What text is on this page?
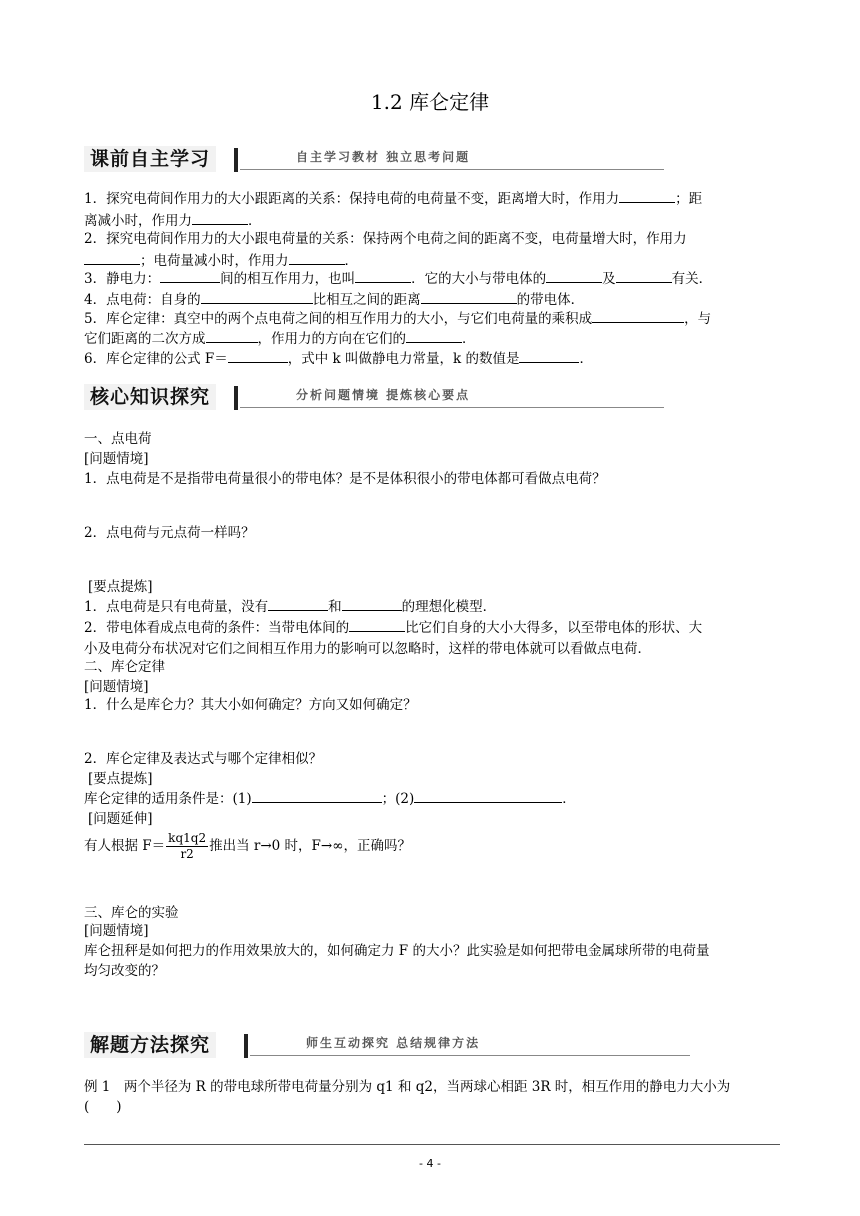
1.2 库仑定律
课前自主学习	自主学习教材 独立思考问题
1．探究电荷间作用力的大小跟距离的关系：保持电荷的电荷量不变，距离增大时，作用力	；距
离减小时，作用力	．
2．探究电荷间作用力的大小跟电荷量的关系：保持两个电荷之间的距离不变，电荷量增大时，作用力
；电荷量减小时，作用力	．
3．静电力：	间的相互作用力，也叫	．它的大小与带电体的	及	有关．
4．点电荷：自身的	比相互之间的距离	的带电体．
5．库仑定律：真空中的两个点电荷之间的相互作用力的大小，与它们电荷量的乘积成	，与
它们距离的二次方成	，作用力的方向在它们的	．
6．库仑定律的公式 F＝	，式中 k 叫做静电力常量，k 的数值是	．
核心知识探究	分析问题情境 提炼核心要点
一、点电荷
[问题情境]
1．点电荷是不是指带电荷量很小的带电体？是不是体积很小的带电体都可看做点电荷？
2．点电荷与元点荷一样吗？
[要点提炼]
1．点电荷是只有电荷量，没有	和	的理想化模型．
2．带电体看成点电荷的条件：当带电体间的	比它们自身的大小大得多，以至带电体的形状、大
小及电荷分布状况对它们之间相互作用力的影响可以忽略时，这样的带电体就可以看做点电荷．
二、库仑定律
[问题情境]
1．什么是库仑力？其大小如何确定？方向又如何确定？
2．库仑定律及表达式与哪个定律相似？
[要点提炼]
库仑定律的适用条件是：(1)	；(2)	．
[问题延伸]
有人根据 $F= \frac{kq1q2}{r2}$ 推出当 r→0 时，F→∞，正确吗？
三、库仑的实验
[问题情境]
库仑扭秤是如何把力的作用效果放大的，如何确定力 F 的大小？此实验是如何把带电金属球所带的电荷量
均匀改变的？
解题方法探究	师生互动探究 总结规律方法
例 1　两个半径为 R 的带电球所带电荷量分别为 q1 和 q2，当两球心相距 3R 时，相互作用的静电力大小为
(　　)
- 4 -
